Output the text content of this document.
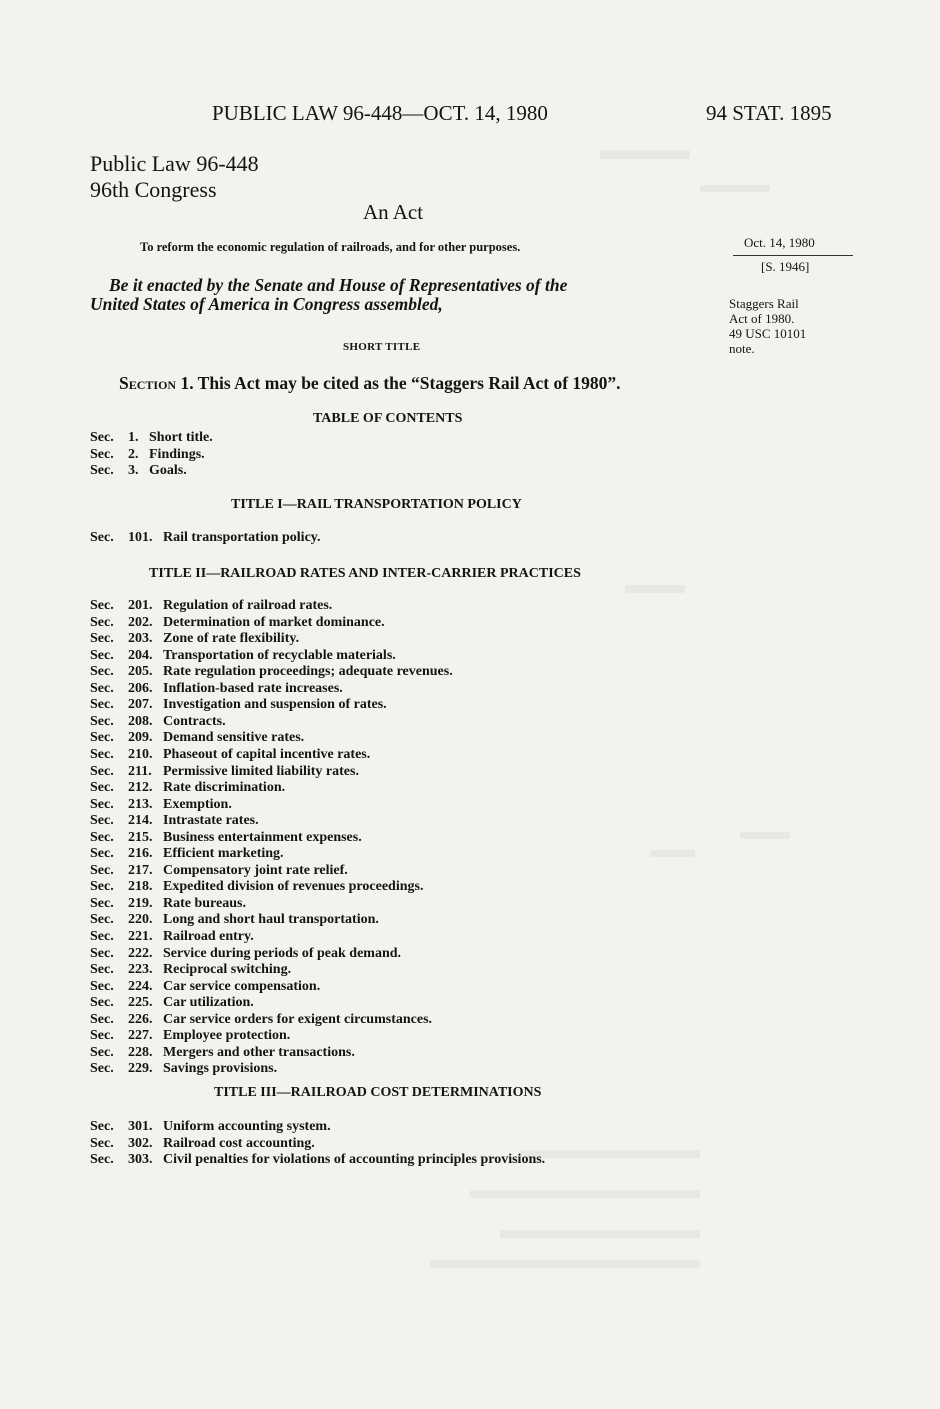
PUBLIC LAW 96-448—OCT. 14, 1980	94 STAT. 1895
Public Law 96-448
96th Congress
An Act
To reform the economic regulation of railroads, and for other purposes.
Be it enacted by the Senate and House of Representatives of the
United States of America in Congress assembled,
Oct. 14, 1980
[S. 1946]
Staggers Rail
Act of 1980.
49 USC 10101
note.
SHORT TITLE
Section 1. This Act may be cited as the “Staggers Rail Act of 1980”.
TABLE OF CONTENTS
Sec. 1. Short title.
Sec. 2. Findings.
Sec. 3. Goals.
TITLE I—RAIL TRANSPORTATION POLICY
Sec. 101. Rail transportation policy.
TITLE II—RAILROAD RATES AND INTER-CARRIER PRACTICES
Sec. 201. Regulation of railroad rates.
Sec. 202. Determination of market dominance.
Sec. 203. Zone of rate flexibility.
Sec. 204. Transportation of recyclable materials.
Sec. 205. Rate regulation proceedings; adequate revenues.
Sec. 206. Inflation-based rate increases.
Sec. 207. Investigation and suspension of rates.
Sec. 208. Contracts.
Sec. 209. Demand sensitive rates.
Sec. 210. Phaseout of capital incentive rates.
Sec. 211. Permissive limited liability rates.
Sec. 212. Rate discrimination.
Sec. 213. Exemption.
Sec. 214. Intrastate rates.
Sec. 215. Business entertainment expenses.
Sec. 216. Efficient marketing.
Sec. 217. Compensatory joint rate relief.
Sec. 218. Expedited division of revenues proceedings.
Sec. 219. Rate bureaus.
Sec. 220. Long and short haul transportation.
Sec. 221. Railroad entry.
Sec. 222. Service during periods of peak demand.
Sec. 223. Reciprocal switching.
Sec. 224. Car service compensation.
Sec. 225. Car utilization.
Sec. 226. Car service orders for exigent circumstances.
Sec. 227. Employee protection.
Sec. 228. Mergers and other transactions.
Sec. 229. Savings provisions.
TITLE III—RAILROAD COST DETERMINATIONS
Sec. 301. Uniform accounting system.
Sec. 302. Railroad cost accounting.
Sec. 303. Civil penalties for violations of accounting principles provisions.
